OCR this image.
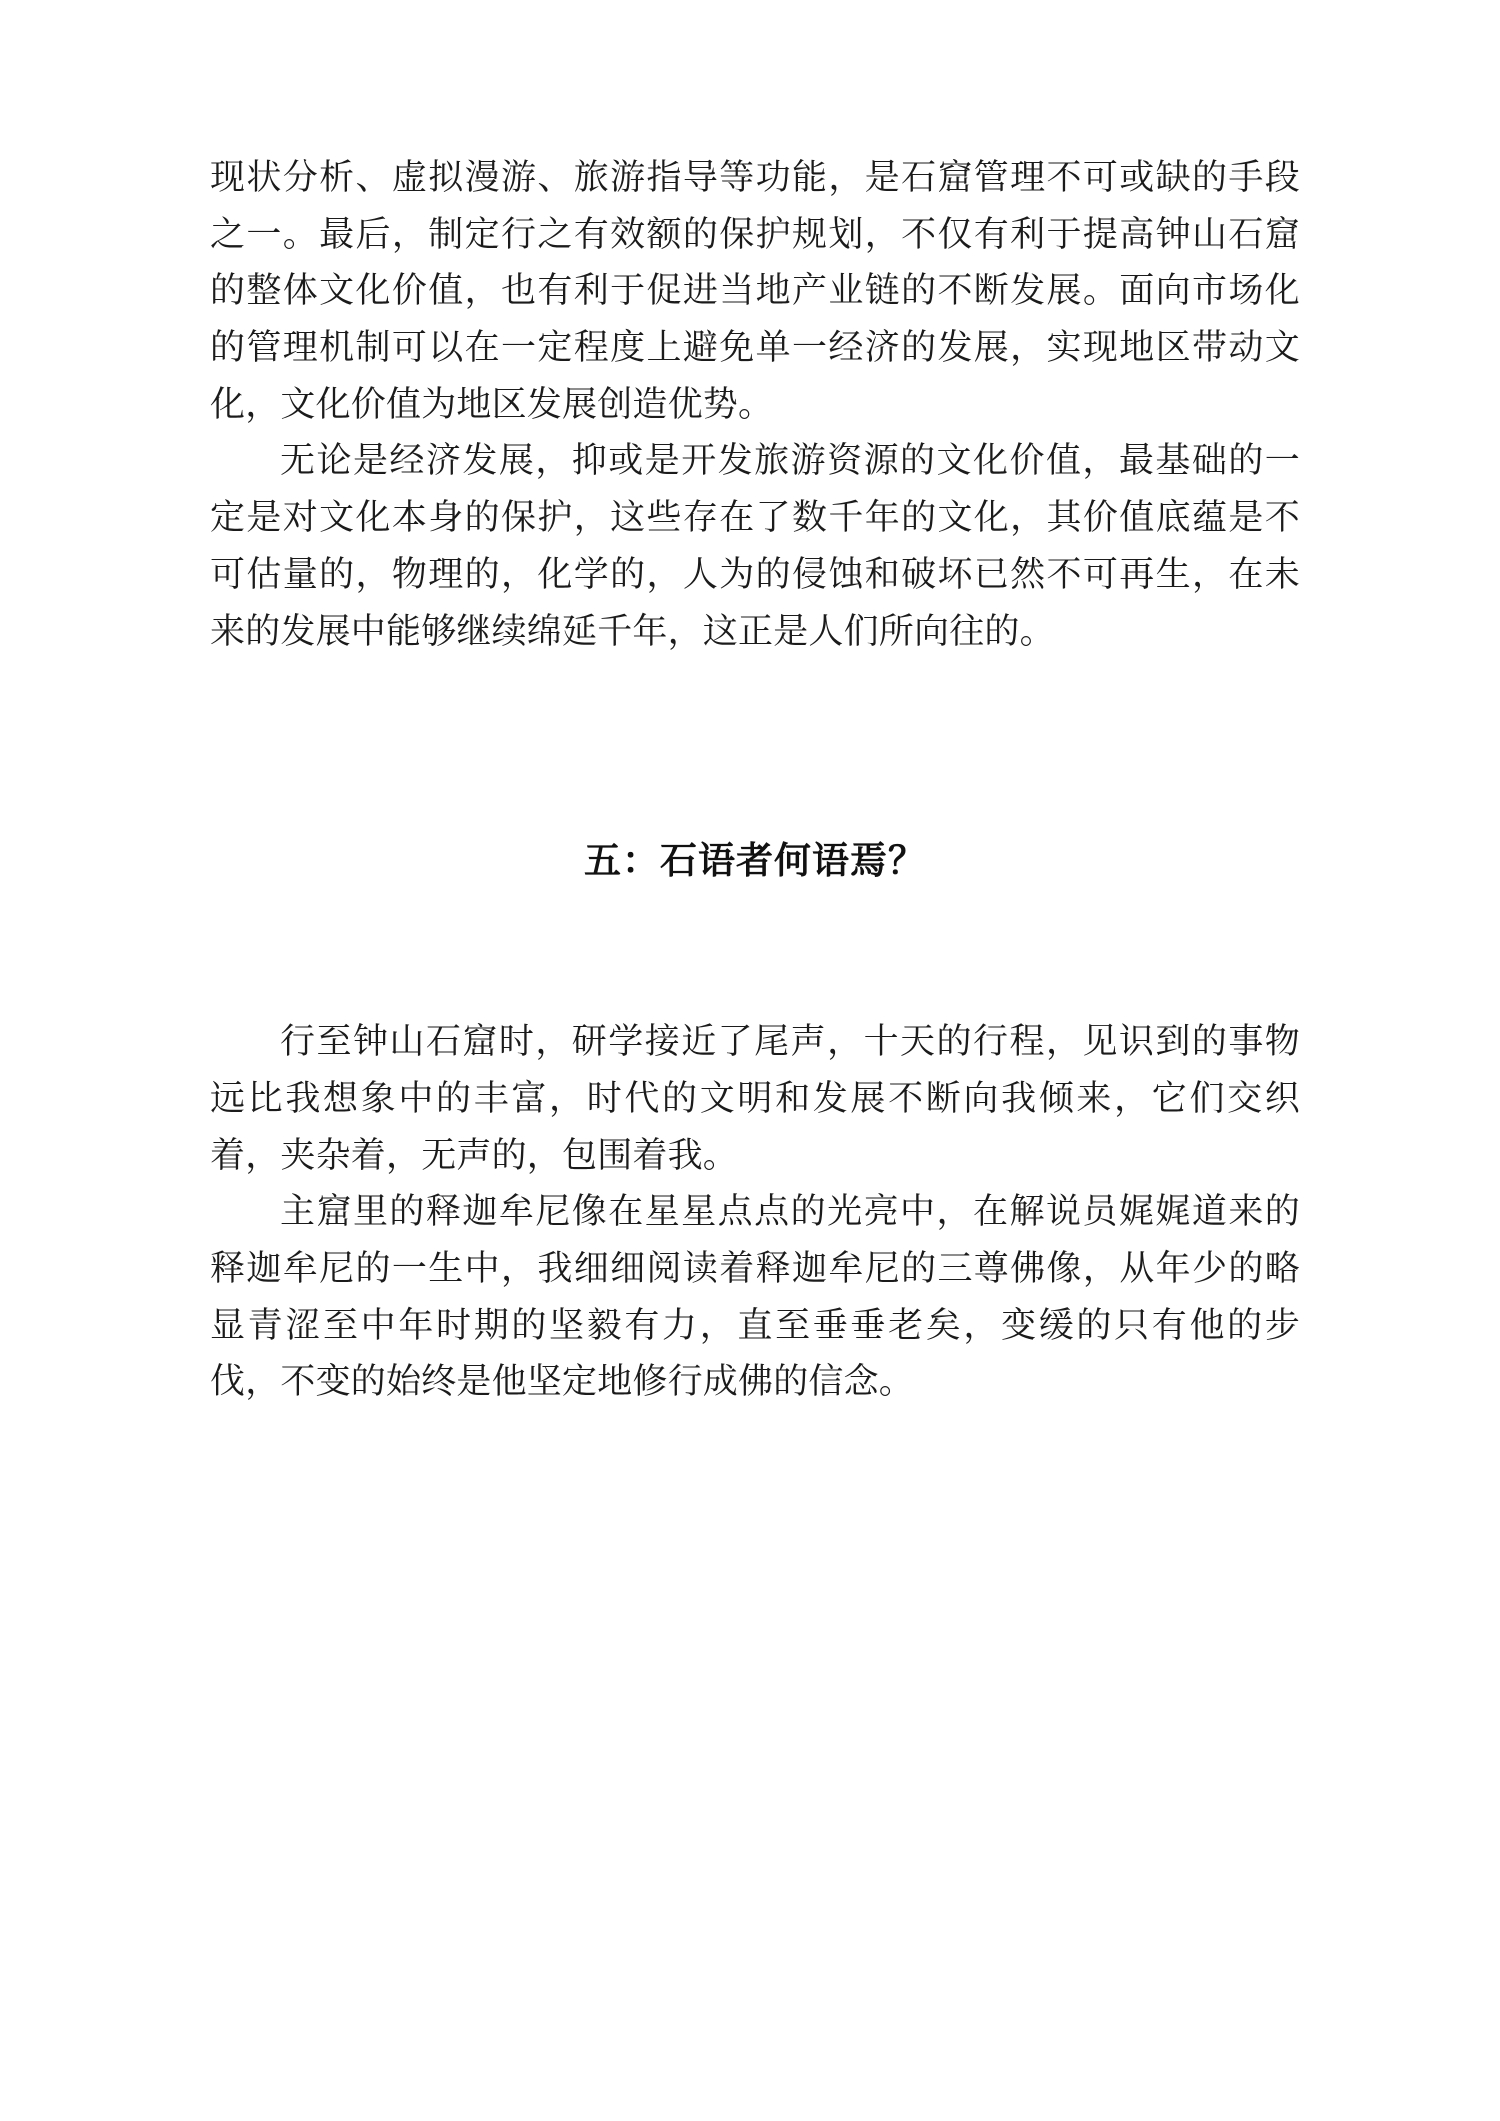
现状分析、虚拟漫游、旅游指导等功能，是石窟管理不可或缺的手段之一。最后，制定行之有效额的保护规划，不仅有利于提高钟山石窟的整体文化价值，也有利于促进当地产业链的不断发展。面向市场化的管理机制可以在一定程度上避免单一经济的发展，实现地区带动文化，文化价值为地区发展创造优势。

无论是经济发展，抑或是开发旅游资源的文化价值，最基础的一定是对文化本身的保护，这些存在了数千年的文化，其价值底蕴是不可估量的，物理的，化学的，人为的侵蚀和破坏已然不可再生，在未来的发展中能够继续绵延千年，这正是人们所向往的。

五：石语者何语焉？

行至钟山石窟时，研学接近了尾声，十天的行程，见识到的事物远比我想象中的丰富，时代的文明和发展不断向我倾来，它们交织着，夹杂着，无声的，包围着我。

主窟里的释迦牟尼像在星星点点的光亮中，在解说员娓娓道来的释迦牟尼的一生中，我细细阅读着释迦牟尼的三尊佛像，从年少的略显青涩至中年时期的坚毅有力，直至垂垂老矣，变缓的只有他的步伐，不变的始终是他坚定地修行成佛的信念。
